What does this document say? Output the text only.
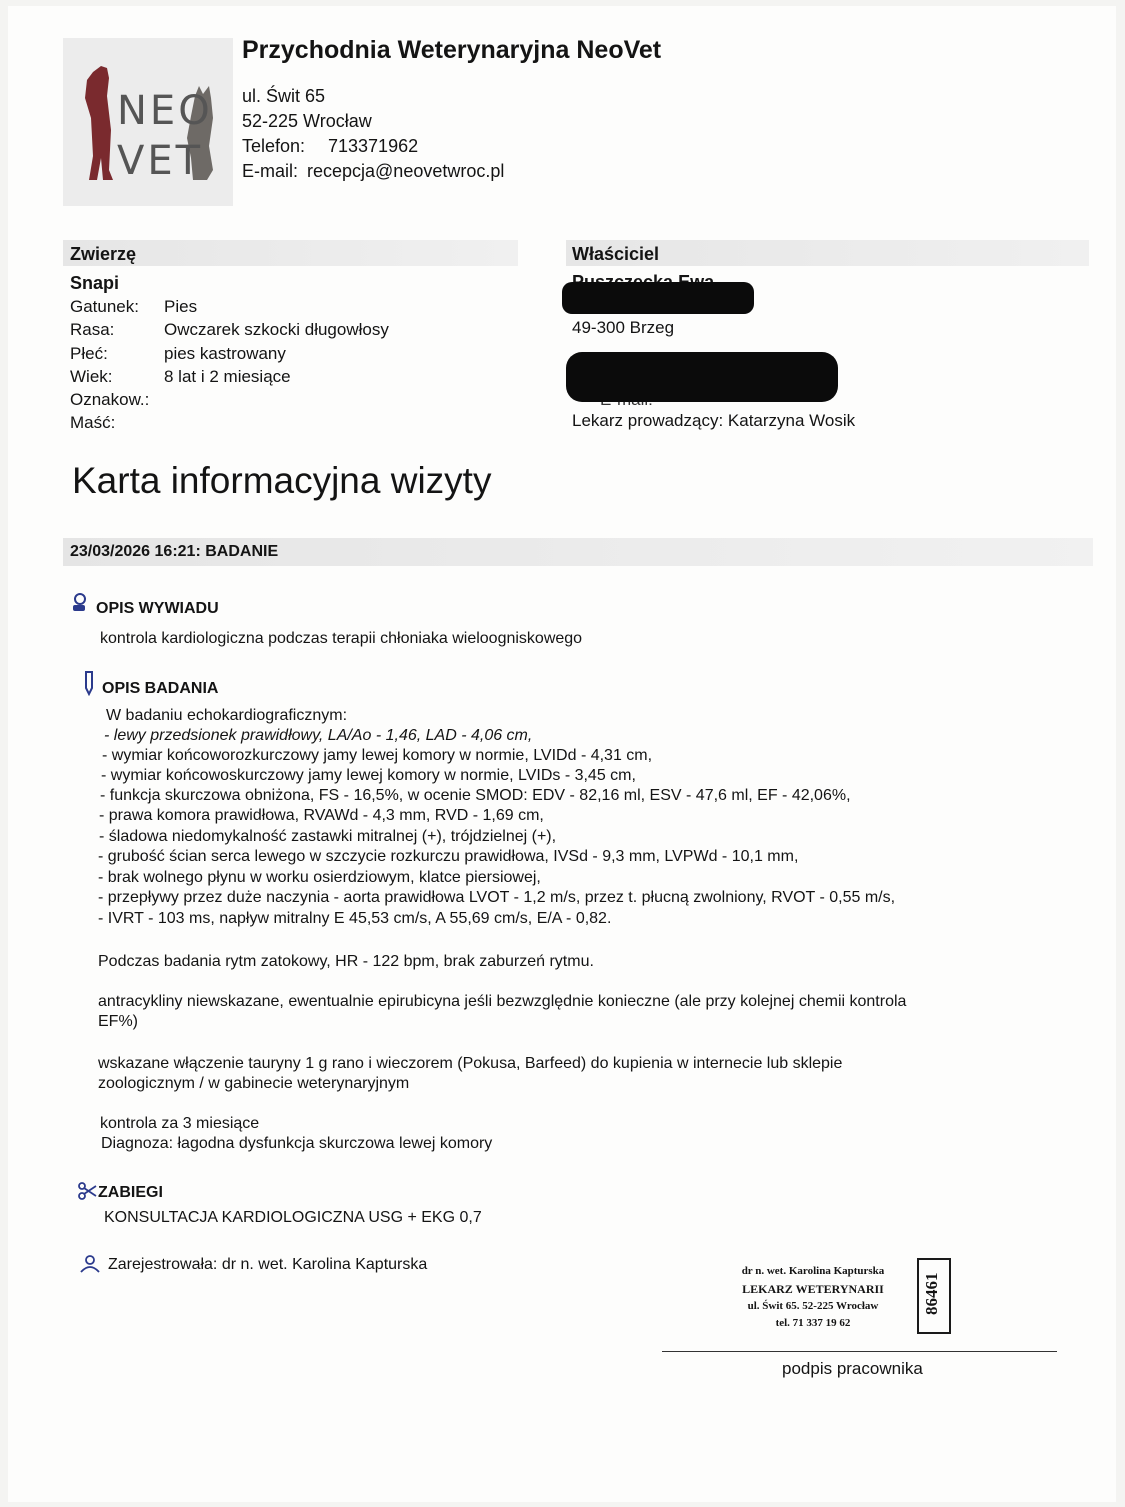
NEO
VET
Przychodnia Weterynaryjna NeoVet
ul. Świt 65
52-225 Wrocław
Telefon: 713371962
E-mail: recepcja@neovetwroc.pl
Zwierzę
Snapi
Gatunek: Pies
Rasa:	Owczarek szkocki długowłosy
Płeć:	pies kastrowany
Wiek:	8 lat i 2 miesiące
Oznakow.:
Maść:
Właściciel
49-300 Brzeg
Lekarz prowadzący: Katarzyna Wosik
Karta informacyjna wizyty
23/03/2026 16:21: BADANIE
OPIS WYWIADU
kontrola kardiologiczna podczas terapii chłoniaka wieloogniskowego
OPIS BADANIA
W badaniu echokardiograficznym:
- lewy przedsionek prawidłowy, LA/Ao - 1,46, LAD - 4,06 cm,
- wymiar końcoworozkurczowy jamy lewej komory w normie, LVIDd - 4,31 cm,
- wymiar końcowoskurczowy jamy lewej komory w normie, LVIDs - 3,45 cm,
- funkcja skurczowa obniżona, FS - 16,5%, w ocenie SMOD: EDV - 82,16 ml, ESV - 47,6 ml, EF - 42,06%,
- prawa komora prawidłowa, RVAWd - 4,3 mm, RVD - 1,69 cm,
- śladowa niedomykalność zastawki mitralnej (+), trójdzielnej (+),
- grubość ścian serca lewego w szczycie rozkurczu prawidłowa, IVSd - 9,3 mm, LVPWd - 10,1 mm,
- brak wolnego płynu w worku osierdziowym, klatce piersiowej,
- przepływy przez duże naczynia - aorta prawidłowa LVOT - 1,2 m/s, przez t. płucną zwolniony, RVOT - 0,55 m/s,
- IVRT - 103 ms, napływ mitralny E 45,53 cm/s, A 55,69 cm/s, E/A - 0,82.
Podczas badania rytm zatokowy, HR - 122 bpm, brak zaburzeń rytmu.
antracykliny niewskazane, ewentualnie epirubicyna jeśli bezwzględnie konieczne (ale przy kolejnej chemii kontrola
EF%)
wskazane włączenie tauryny 1 g rano i wieczorem (Pokusa, Barfeed) do kupienia w internecie lub sklepie
zoologicznym / w gabinecie weterynaryjnym
kontrola za 3 miesiące
Diagnoza: łagodna dysfunkcja skurczowa lewej komory
ZABIEGI
KONSULTACJA KARDIOLOGICZNA USG + EKG 0,7
Zarejestrowała: dr n. wet. Karolina Kapturska	dr n. wet. Karolina Kapturska
LEKARZ WETERYNARII
ul. Świt 65. 52-225 Wrocław
tel. 71 337 19 62
86461
podpis pracownika
